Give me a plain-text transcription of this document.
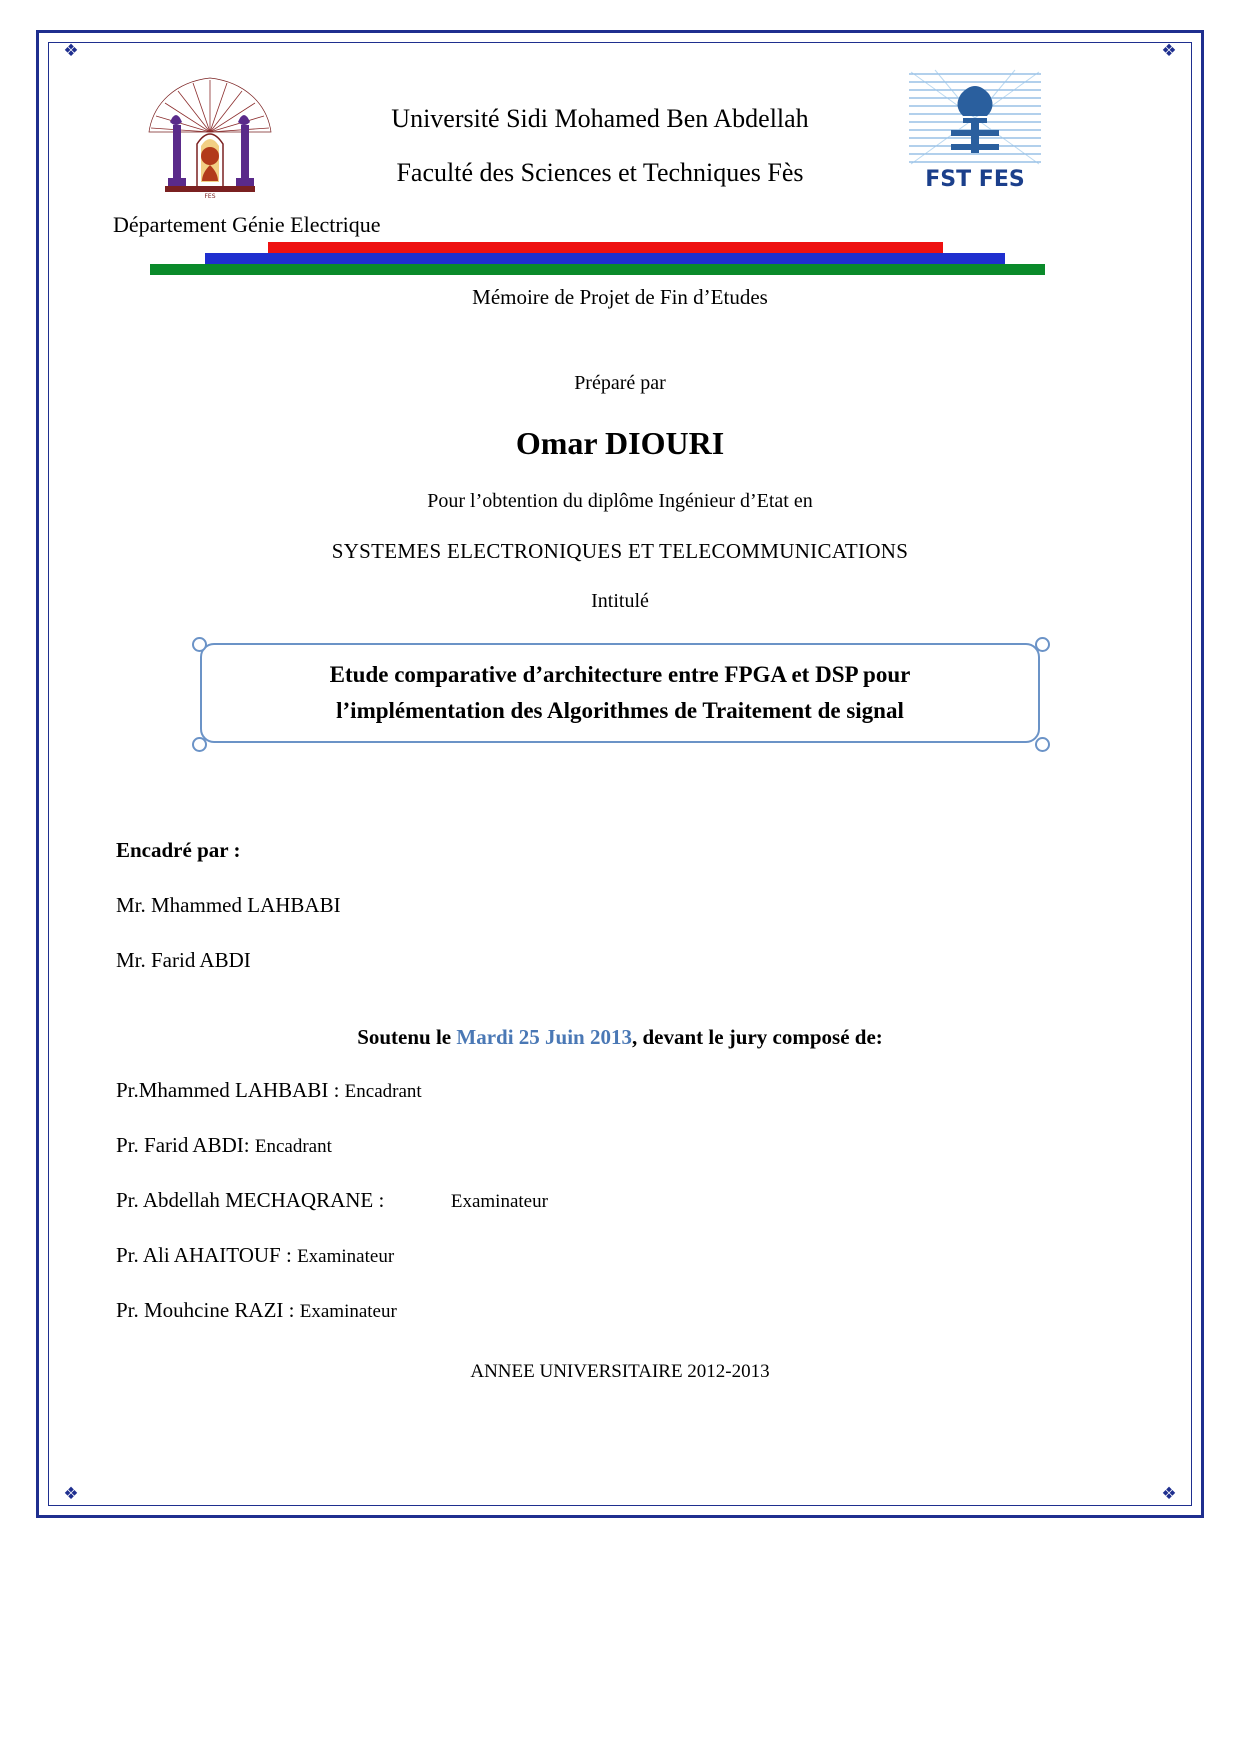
❖	❖
❖	❖
FES
Université Sidi Mohamed Ben Abdellah
Faculté des Sciences et Techniques Fès	FST FES
Département Génie Electrique
Mémoire de Projet de Fin d’Etudes
Préparé par
Omar DIOURI
Pour l’obtention du diplôme Ingénieur d’Etat en
SYSTEMES ELECTRONIQUES ET TELECOMMUNICATIONS
Intitulé
Etude comparative d’architecture entre FPGA et DSP pour
l’implémentation des Algorithmes de Traitement de signal
Encadré par :
Mr. Mhammed LAHBABI
Mr. Farid ABDI
Soutenu le Mardi 25 Juin 2013, devant le jury composé de:
Pr.Mhammed LAHBABI : Encadrant
Pr. Farid ABDI: Encadrant
Pr. Abdellah MECHAQRANE :	Examinateur
Pr. Ali AHAITOUF : Examinateur
Pr. Mouhcine RAZI : Examinateur
ANNEE UNIVERSITAIRE 2012-2013
